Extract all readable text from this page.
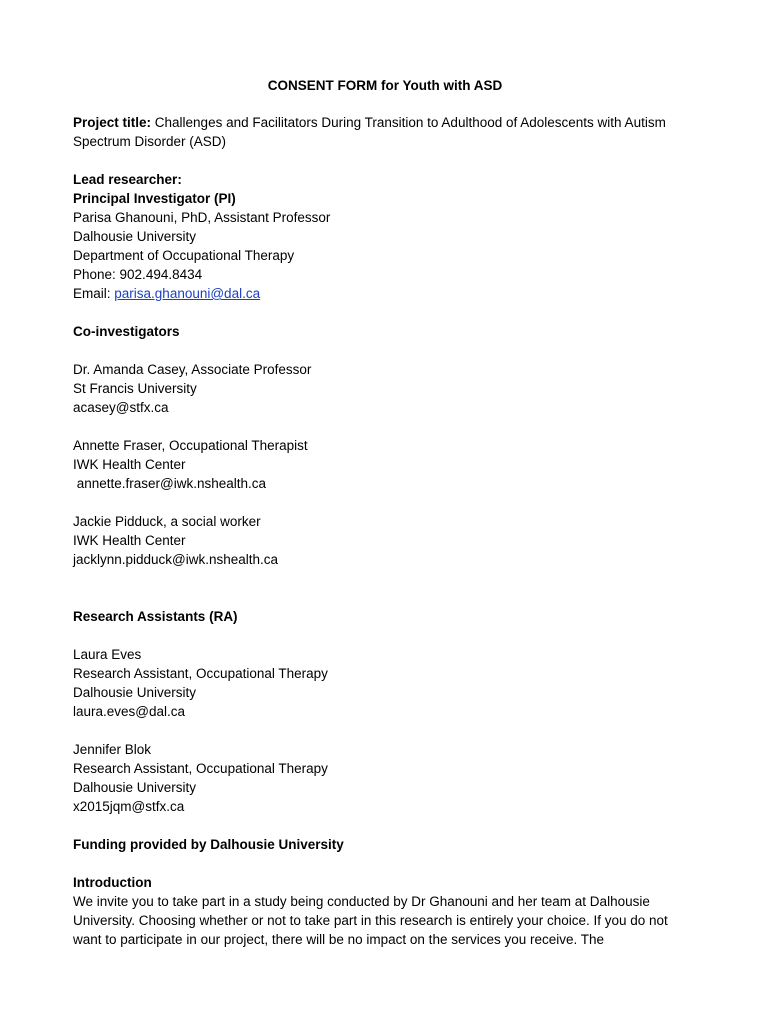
CONSENT FORM for Youth with ASD
Project title: Challenges and Facilitators During Transition to Adulthood of Adolescents with Autism
Spectrum Disorder (ASD)
Lead researcher:
Principal Investigator (PI)
Parisa Ghanouni, PhD, Assistant Professor
Dalhousie University
Department of Occupational Therapy
Phone: 902.494.8434
Email: parisa.ghanouni@dal.ca
Co-investigators
Dr. Amanda Casey, Associate Professor
St Francis University
acasey@stfx.ca
Annette Fraser, Occupational Therapist
IWK Health Center
annette.fraser@iwk.nshealth.ca
Jackie Pidduck, a social worker
IWK Health Center
jacklynn.pidduck@iwk.nshealth.ca
Research Assistants (RA)
Laura Eves
Research Assistant, Occupational Therapy
Dalhousie University
laura.eves@dal.ca
Jennifer Blok
Research Assistant, Occupational Therapy
Dalhousie University
x2015jqm@stfx.ca
Funding provided by Dalhousie University
Introduction
We invite you to take part in a study being conducted by Dr Ghanouni and her team at Dalhousie
University. Choosing whether or not to take part in this research is entirely your choice. If you do not
want to participate in our project, there will be no impact on the services you receive. The
